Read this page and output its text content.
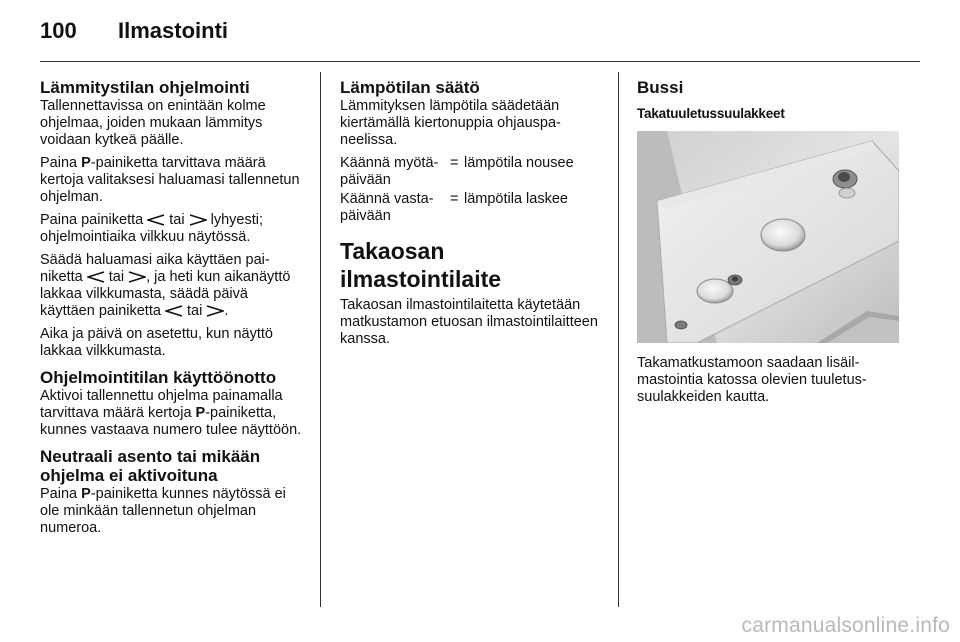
100	Ilmastointi
Lämmitystilan ohjelmointi

Tallennettavissa on enintään kolme ohjelmaa, joiden mukaan lämmitys voidaan kytkeä päälle.

Paina P-painiketta tarvittava määrä kertoja valitaksesi haluamasi tallennetun ohjelman.

Paina painiketta  tai  lyhyesti; ohjelmointiaika vilkkuu näytössä.

Säädä haluamasi aika käyttäen painiketta  tai , ja heti kun aikanäyttö lakkaa vilkkumasta, säädä päivä käyttäen painiketta  tai .

Aika ja päivä on asetettu, kun näyttö lakkaa vilkkumasta.

Ohjelmointitilan käyttöönotto

Aktivoi tallennettu ohjelma painamalla tarvittava määrä kertoja P-painiketta, kunnes vastaava numero tulee näyttöön.

Neutraali asento tai mikään ohjelma ei aktivoituna

Paina P-painiketta kunnes näytössä ei ole minkään tallennetun ohjelman numeroa.

Lämpötilan säätö

Lämmityksen lämpötila säädetään kiertämällä kiertonuppia ohjauspaneelissa.

Käännä myötäpäivään	=	lämpötila nousee
Käännä vastapäivään	=	lämpötila laskee
Takaosan ilmastointilaite

Takaosan ilmastointilaitetta käytetään matkustamon etuosan ilmastointilaitteen kanssa.

Bussi
Takatuuletussuulakkeet

Takamatkustamoon saadaan lisäilmastointia katossa olevien tuuletussuulakkeiden kautta.

carmanualsonline.info
